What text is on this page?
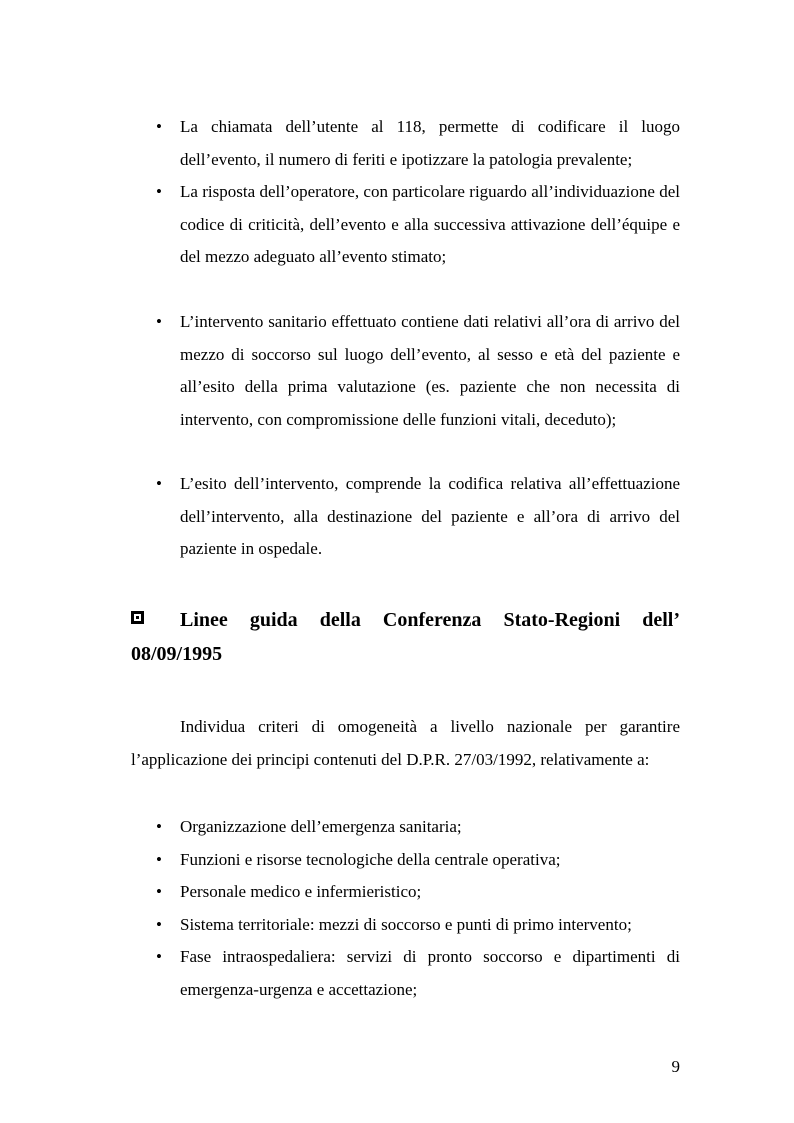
• La chiamata dell’utente al 118, permette di codificare il luogo dell’evento, il numero di feriti e ipotizzare la patologia prevalente;
• La risposta dell’operatore, con particolare riguardo all’individuazione del codice di criticità, dell’evento e alla successiva attivazione dell’équipe e del mezzo adeguato all’evento stimato;
• L’intervento sanitario effettuato contiene dati relativi all’ora di arrivo del mezzo di soccorso sul luogo dell’evento, al sesso e età del paziente e all’esito della prima valutazione (es. paziente che non necessita di intervento, con compromissione delle funzioni vitali, deceduto);
• L’esito dell’intervento, comprende la codifica relativa all’effettuazione dell’intervento, alla destinazione del paziente e all’ora di arrivo del paziente in ospedale.
Linee guida della Conferenza Stato-Regioni dell’
08/09/1995

Individua criteri di omogeneità a livello nazionale per garantire l’applicazione dei principi contenuti del D.P.R. 27/03/1992, relativamente a:

• Organizzazione dell’emergenza sanitaria;
• Funzioni e risorse tecnologiche della centrale operativa;
• Personale medico e infermieristico;
• Sistema territoriale: mezzi di soccorso e punti di primo intervento;
• Fase intraospedaliera: servizi di pronto soccorso e dipartimenti di emergenza-urgenza e accettazione;
9
